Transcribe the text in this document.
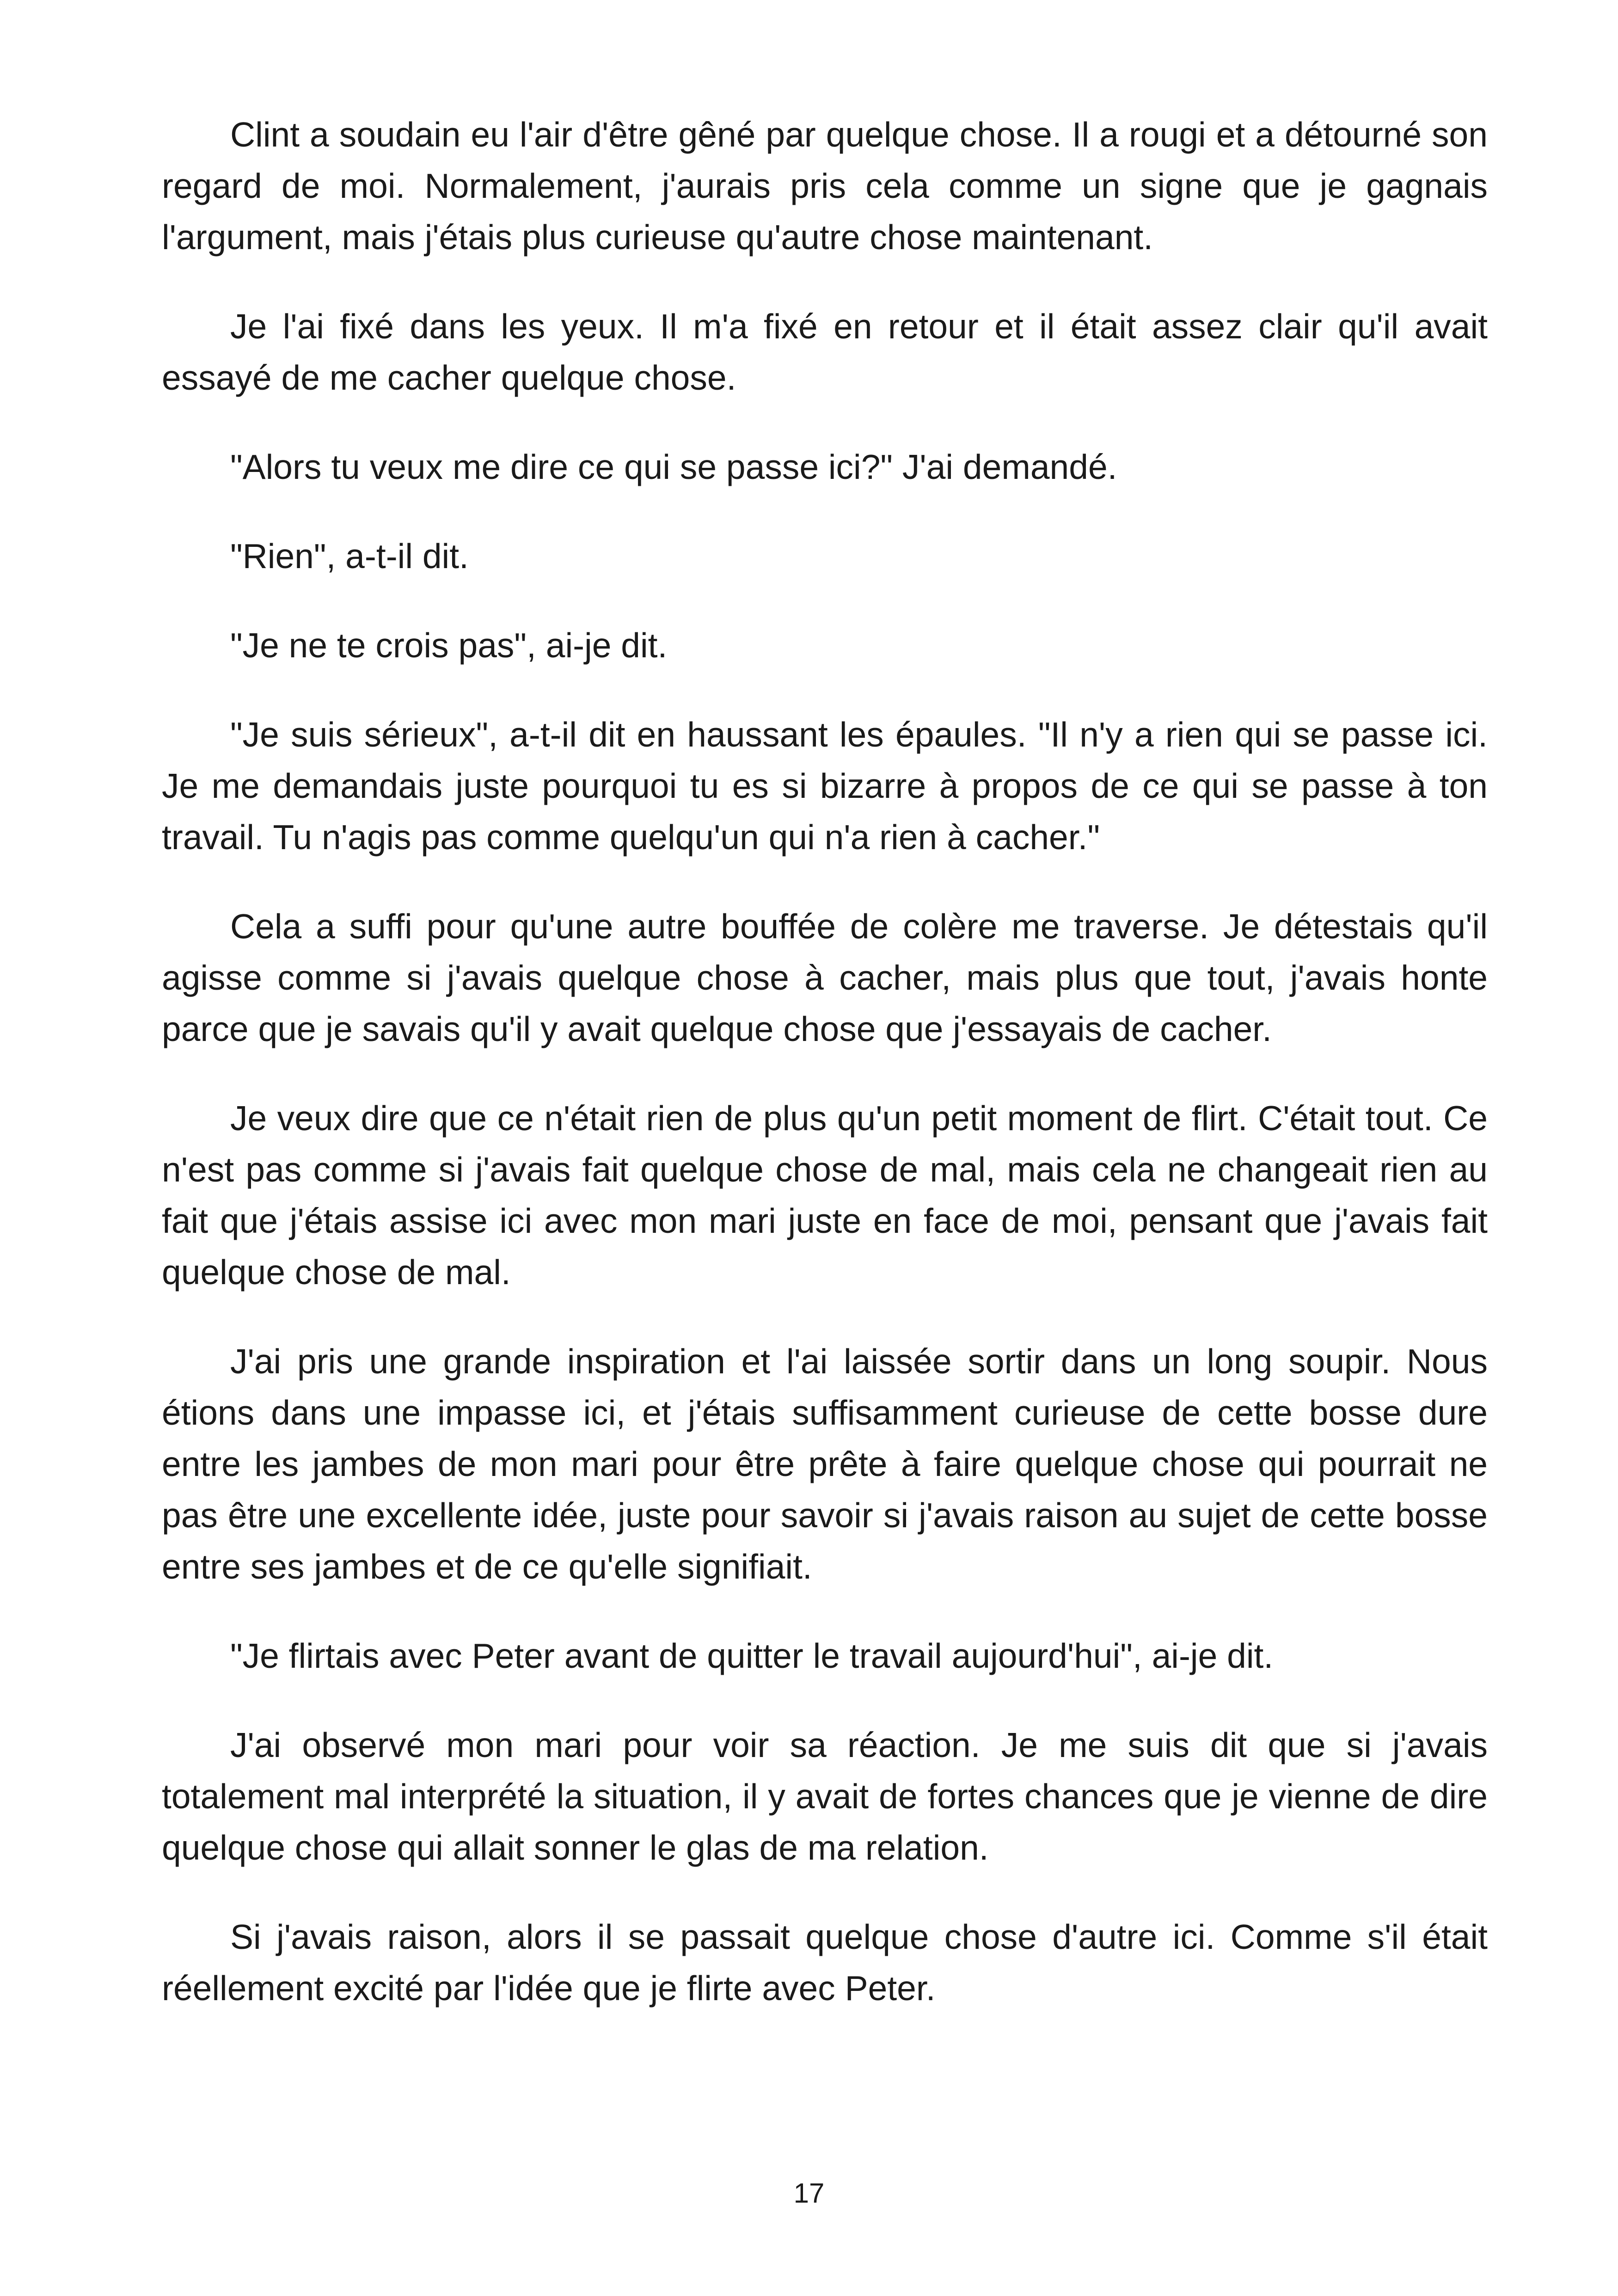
Clint a soudain eu l'air d'être gêné par quelque chose. Il a rougi et a détourné son regard de moi. Normalement, j'aurais pris cela comme un signe que je gagnais l'argument, mais j'étais plus curieuse qu'autre chose maintenant.

Je l'ai fixé dans les yeux. Il m'a fixé en retour et il était assez clair qu'il avait essayé de me cacher quelque chose.

"Alors tu veux me dire ce qui se passe ici?" J'ai demandé.

"Rien", a-t-il dit.

"Je ne te crois pas", ai-je dit.

"Je suis sérieux", a-t-il dit en haussant les épaules. "Il n'y a rien qui se passe ici. Je me demandais juste pourquoi tu es si bizarre à propos de ce qui se passe à ton travail. Tu n'agis pas comme quelqu'un qui n'a rien à cacher."

Cela a suffi pour qu'une autre bouffée de colère me traverse. Je détestais qu'il agisse comme si j'avais quelque chose à cacher, mais plus que tout, j'avais honte parce que je savais qu'il y avait quelque chose que j'essayais de cacher.

Je veux dire que ce n'était rien de plus qu'un petit moment de flirt. C'était tout. Ce n'est pas comme si j'avais fait quelque chose de mal, mais cela ne changeait rien au fait que j'étais assise ici avec mon mari juste en face de moi, pensant que j'avais fait quelque chose de mal.

J'ai pris une grande inspiration et l'ai laissée sortir dans un long soupir. Nous étions dans une impasse ici, et j'étais suffisamment curieuse de cette bosse dure entre les jambes de mon mari pour être prête à faire quelque chose qui pourrait ne pas être une excellente idée, juste pour savoir si j'avais raison au sujet de cette bosse entre ses jambes et de ce qu'elle signifiait.

"Je flirtais avec Peter avant de quitter le travail aujourd'hui", ai-je dit.

J'ai observé mon mari pour voir sa réaction. Je me suis dit que si j'avais totalement mal interprété la situation, il y avait de fortes chances que je vienne de dire quelque chose qui allait sonner le glas de ma relation.

Si j'avais raison, alors il se passait quelque chose d'autre ici. Comme s'il était réellement excité par l'idée que je flirte avec Peter.

17
